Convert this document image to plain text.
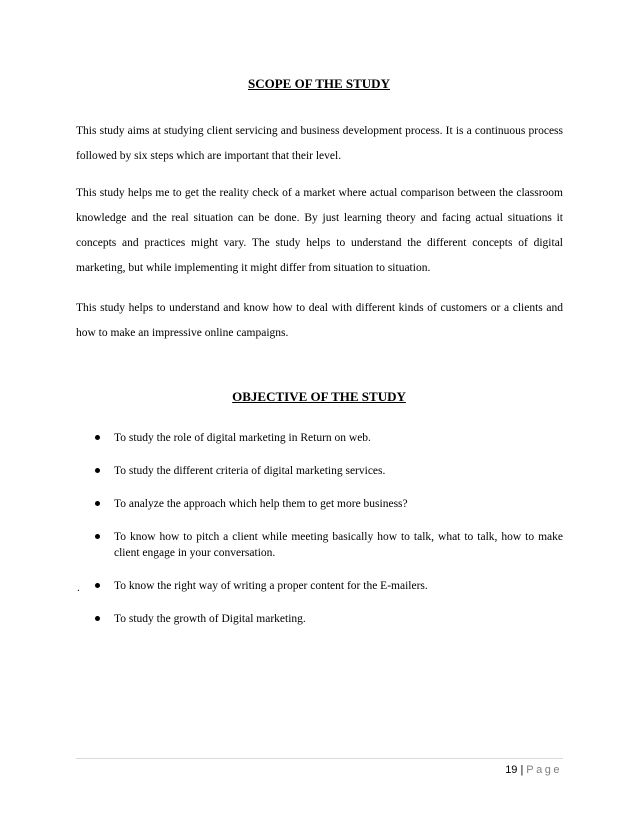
SCOPE OF THE STUDY
This study aims at studying client servicing and business development process. It is a continuous process followed by six steps which are important that their level.
This study helps me to get the reality check of a market where actual comparison between the classroom knowledge and the real situation can be done. By just learning theory and facing actual situations it concepts and practices might vary. The study helps to understand the different concepts of digital marketing, but while implementing it might differ from situation to situation.
This study helps to understand and know how to deal with different kinds of customers or a clients and how to make an impressive online campaigns.
OBJECTIVE OF THE STUDY
To study the role of digital marketing in Return on web.
To study the different criteria of digital marketing services.
To analyze the approach which help them to get more business?
To know how to pitch a client while meeting basically how to talk, what to talk, how to make client engage in your conversation.
To know the right way of writing a proper content for the E-mailers.
To study the growth of Digital marketing.
.
19 | Page
